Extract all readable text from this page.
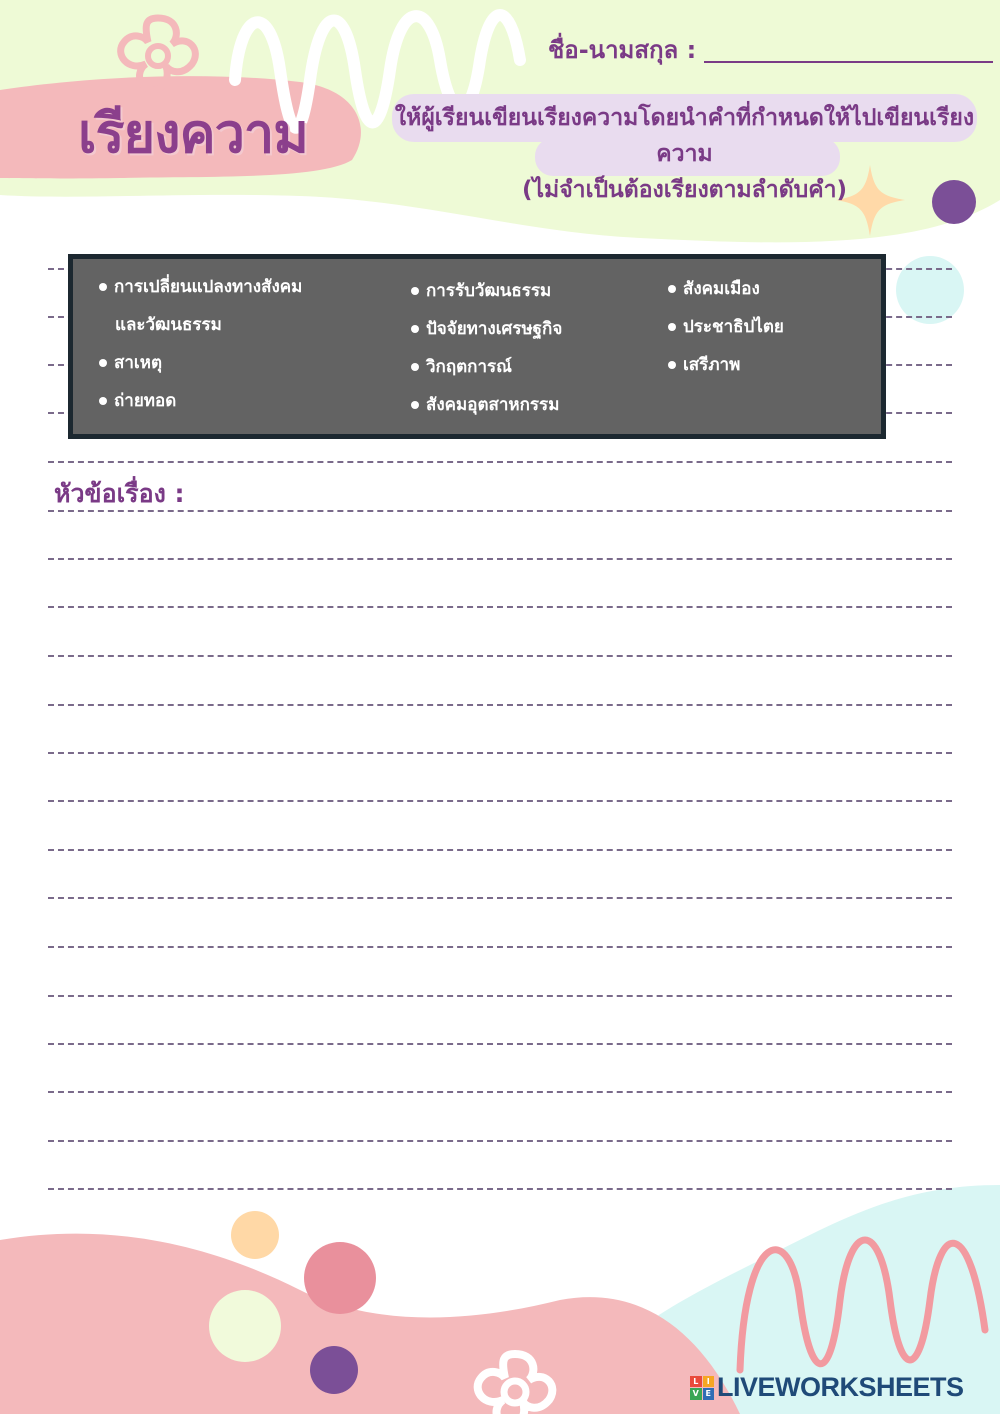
เรียงความ
ชื่อ-นามสกุล :
ให้ผู้เรียนเขียนเรียงความโดยนำคำที่กำหนดให้ไปเขียนเรียงความ
(ไม่จำเป็นต้องเรียงตามลำดับคำ)
การเปลี่ยนแปลงทางสังคม
และวัฒนธรรม
สาเหตุ
ถ่ายทอด
การรับวัฒนธรรม
ปัจจัยทางเศรษฐกิจ
วิกฤตการณ์
สังคมอุตสาหกรรม
สังคมเมือง
ประชาธิปไตย
เสรีภาพ
หัวข้อเรื่อง :
L	I
V E LIVEWORKSHEETS
